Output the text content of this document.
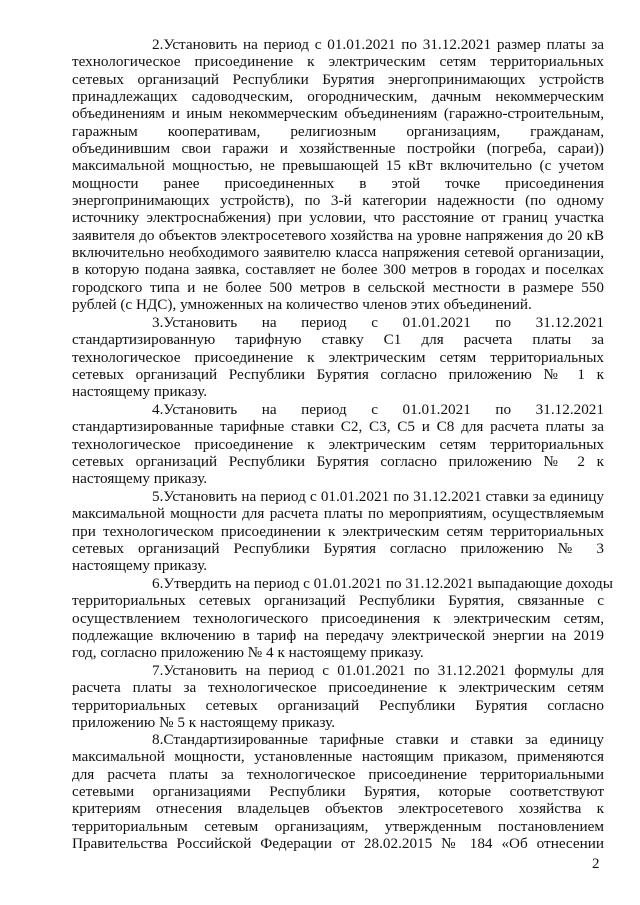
2.Установить на период с 01.01.2021 по 31.12.2021 размер платы за

технологическое присоединение к электрическим сетям территориальных

сетевых организаций Республики Бурятия энергопринимающих устройств

принадлежащих садоводческим, огородническим, дачным некоммерческим

объединениям и иным некоммерческим объединениям (гаражно-строительным,

гаражным кооперативам, религиозным организациям, гражданам,

объединившим свои гаражи и хозяйственные постройки (погреба, сараи))

максимальной мощностью, не превышающей 15 кВт включительно (с учетом

мощности ранее присоединенных в этой точке присоединения

энергопринимающих устройств), по 3-й категории надежности (по одному

источнику электроснабжения) при условии, что расстояние от границ участка

заявителя до объектов электросетевого хозяйства на уровне напряжения до 20 кВ

включительно необходимого заявителю класса напряжения сетевой организации,

в которую подана заявка, составляет не более 300 метров в городах и поселках

городского типа и не более 500 метров в сельской местности в размере 550

рублей (с НДС), умноженных на количество членов этих объединений.

3.Установить на период с 01.01.2021 по 31.12.2021

стандартизированную тарифную ставку С1 для расчета платы за

технологическое присоединение к электрическим сетям территориальных

сетевых организаций Республики Бурятия согласно приложению № 1 к

настоящему приказу.

4.Установить на период с 01.01.2021 по 31.12.2021

стандартизированные тарифные ставки С2, С3, С5 и С8 для расчета платы за

технологическое присоединение к электрическим сетям территориальных

сетевых организаций Республики Бурятия согласно приложению № 2 к

настоящему приказу.

5.Установить на период с 01.01.2021 по 31.12.2021 ставки за единицу

максимальной мощности для расчета платы по мероприятиям, осуществляемым

при технологическом присоединении к электрическим сетям территориальных

сетевых организаций Республики Бурятия согласно приложению № 3

настоящему приказу.

6.Утвердить на период с 01.01.2021 по 31.12.2021 выпадающие доходы

территориальных сетевых организаций Республики Бурятия, связанные с

осуществлением технологического присоединения к электрическим сетям,

подлежащие включению в тариф на передачу электрической энергии на 2019

год, согласно приложению № 4 к настоящему приказу.

7.Установить на период с 01.01.2021 по 31.12.2021 формулы для

расчета платы за технологическое присоединение к электрическим сетям

территориальных сетевых организаций Республики Бурятия согласно

приложению № 5 к настоящему приказу.

8.Стандартизированные тарифные ставки и ставки за единицу

максимальной мощности, установленные настоящим приказом, применяются

для расчета платы за технологическое присоединение территориальными

сетевыми организациями Республики Бурятия, которые соответствуют

критериям отнесения владельцев объектов электросетевого хозяйства к

территориальным сетевым организациям, утвержденным постановлением

Правительства Российской Федерации от 28.02.2015 № 184 «Об отнесении

2
